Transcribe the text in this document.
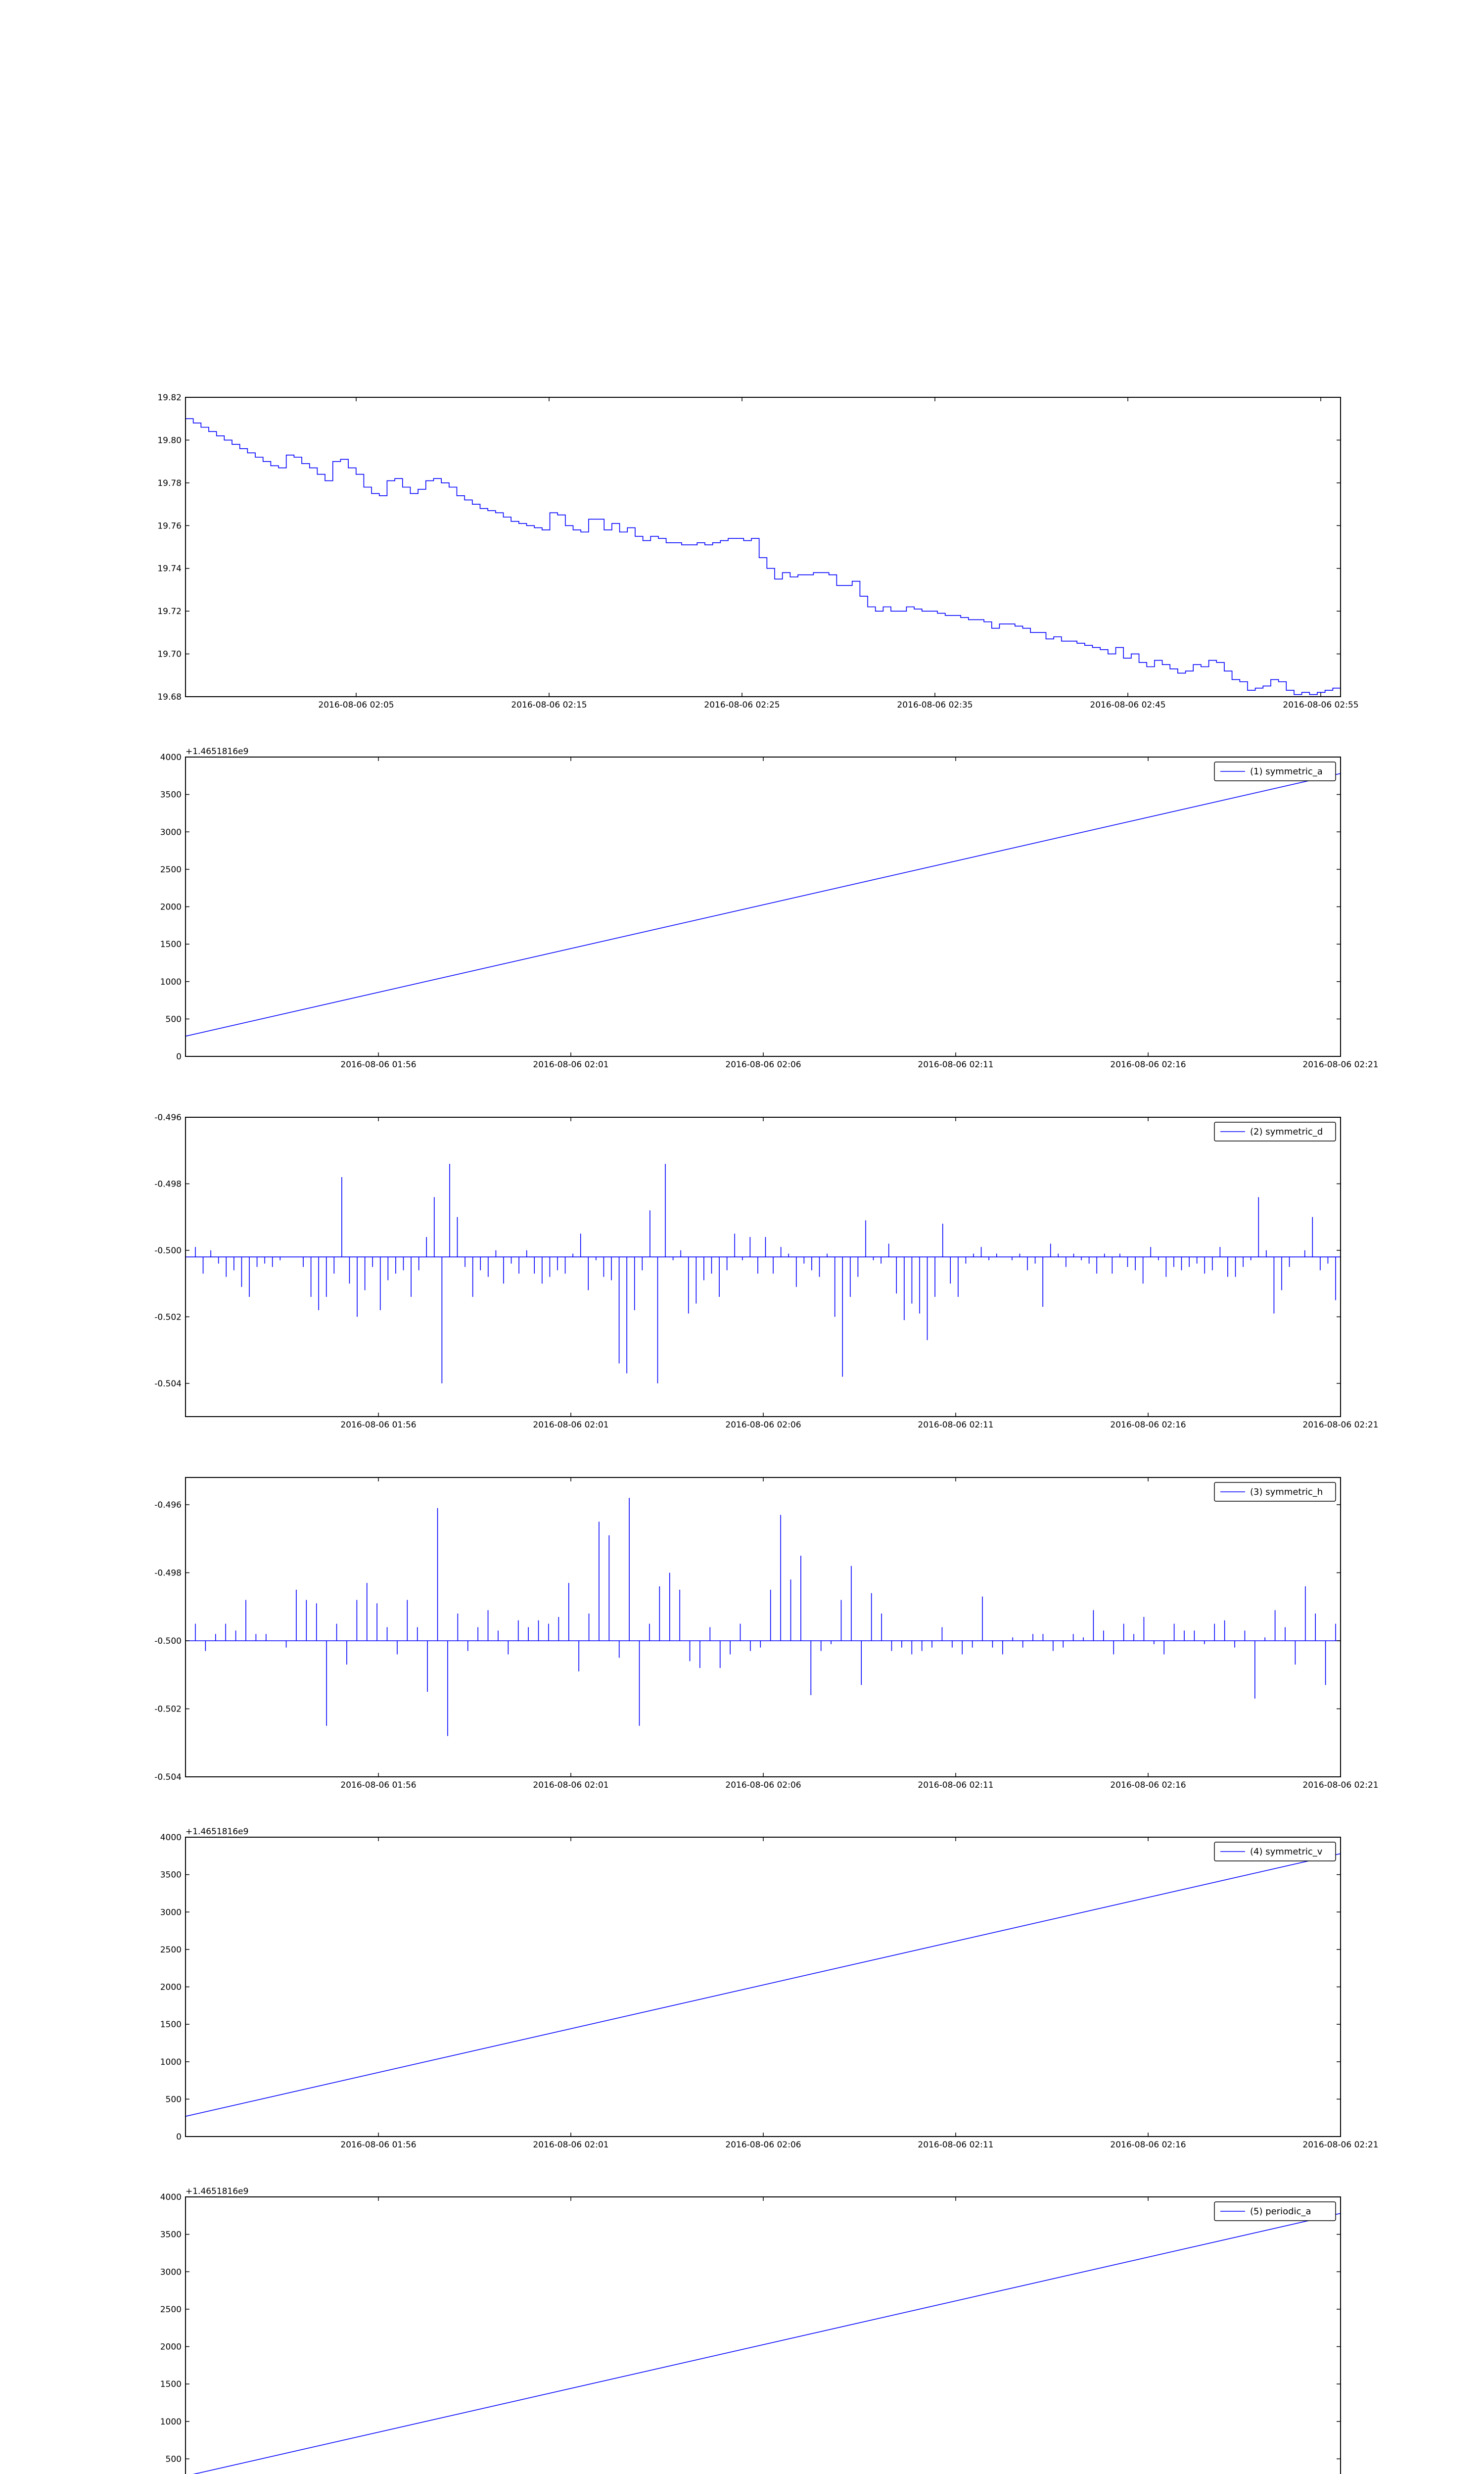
19.68
19.70
19.72
19.74
19.76
19.78
19.80
19.82
2016-08-06 02:05	2016-08-06 02:15	2016-08-06 02:25	2016-08-06 02:35	2016-08-06 02:45	2016-08-06 02:55
0
500
1000
1500
2000
2500
3000
3500
4000
2016-08-06 01:56	2016-08-06 02:01	2016-08-06 02:06	2016-08-06 02:11	2016-08-06 02:16	2016-08-06 02:21
+1.4651816e9
(1) symmetric_a
-0.504
-0.502
-0.500
-0.498
-0.496
2016-08-06 01:56	2016-08-06 02:01	2016-08-06 02:06	2016-08-06 02:11	2016-08-06 02:16	2016-08-06 02:21
(2) symmetric_d
-0.504
-0.502
-0.500
-0.498
-0.496
2016-08-06 01:56	2016-08-06 02:01	2016-08-06 02:06	2016-08-06 02:11	2016-08-06 02:16	2016-08-06 02:21
(3) symmetric_h
0
500
1000
1500
2000
2500
3000
3500
4000
2016-08-06 01:56	2016-08-06 02:01	2016-08-06 02:06	2016-08-06 02:11	2016-08-06 02:16	2016-08-06 02:21
+1.4651816e9
(4) symmetric_v
500
1000
1500
2000
2500
3000
3500
4000
+1.4651816e9
(5) periodic_a
